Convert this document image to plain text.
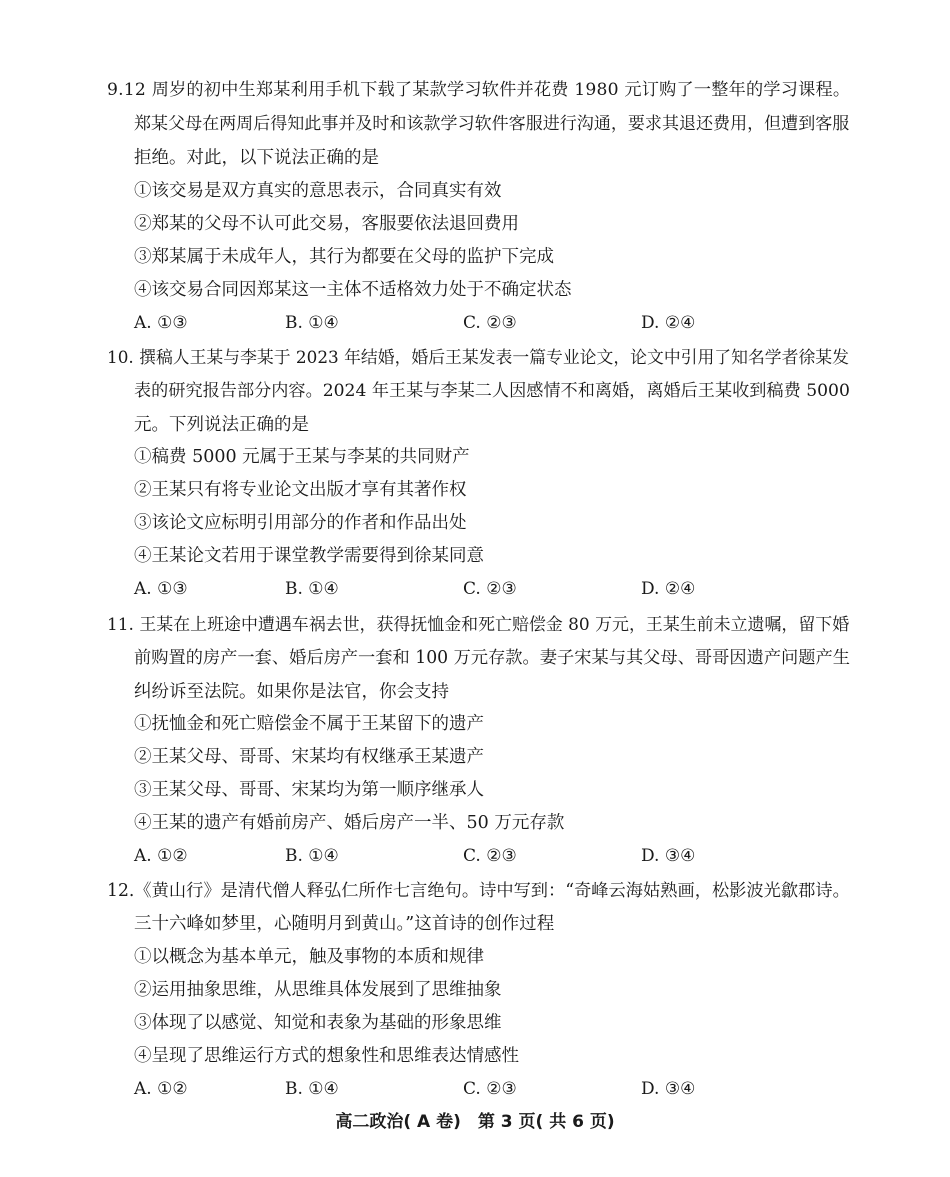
9.12 周岁的初中生郑某利用手机下载了某款学习软件并花费 1980 元订购了一整年的学习课程。
郑某父母在两周后得知此事并及时和该款学习软件客服进行沟通，要求其退还费用，但遭到客服
拒绝。对此，以下说法正确的是
①该交易是双方真实的意思表示，合同真实有效
②郑某的父母不认可此交易，客服要依法退回费用
③郑某属于未成年人，其行为都要在父母的监护下完成
④该交易合同因郑某这一主体不适格效力处于不确定状态
A. ①③	B. ①④	C. ②③	D. ②④
10. 撰稿人王某与李某于 2023 年结婚，婚后王某发表一篇专业论文，论文中引用了知名学者徐某发
表的研究报告部分内容。2024 年王某与李某二人因感情不和离婚，离婚后王某收到稿费 5000
元。下列说法正确的是
①稿费 5000 元属于王某与李某的共同财产
②王某只有将专业论文出版才享有其著作权
③该论文应标明引用部分的作者和作品出处
④王某论文若用于课堂教学需要得到徐某同意
A. ①③	B. ①④	C. ②③	D. ②④
11. 王某在上班途中遭遇车祸去世，获得抚恤金和死亡赔偿金 80 万元，王某生前未立遗嘱，留下婚
前购置的房产一套、婚后房产一套和 100 万元存款。妻子宋某与其父母、哥哥因遗产问题产生
纠纷诉至法院。如果你是法官，你会支持
①抚恤金和死亡赔偿金不属于王某留下的遗产
②王某父母、哥哥、宋某均有权继承王某遗产
③王某父母、哥哥、宋某均为第一顺序继承人
④王某的遗产有婚前房产、婚后房产一半、50 万元存款
A. ①②	B. ①④	C. ②③	D. ③④
12.《黄山行》是清代僧人释弘仁所作七言绝句。诗中写到：“奇峰云海姑熟画，松影波光歙郡诗。
三十六峰如梦里，心随明月到黄山。”这首诗的创作过程
①以概念为基本单元，触及事物的本质和规律
②运用抽象思维，从思维具体发展到了思维抽象
③体现了以感觉、知觉和表象为基础的形象思维
④呈现了思维运行方式的想象性和思维表达情感性
A. ①②	B. ①④	C. ②③	D. ③④
高二政治( A 卷)　第 3 页( 共 6 页)
